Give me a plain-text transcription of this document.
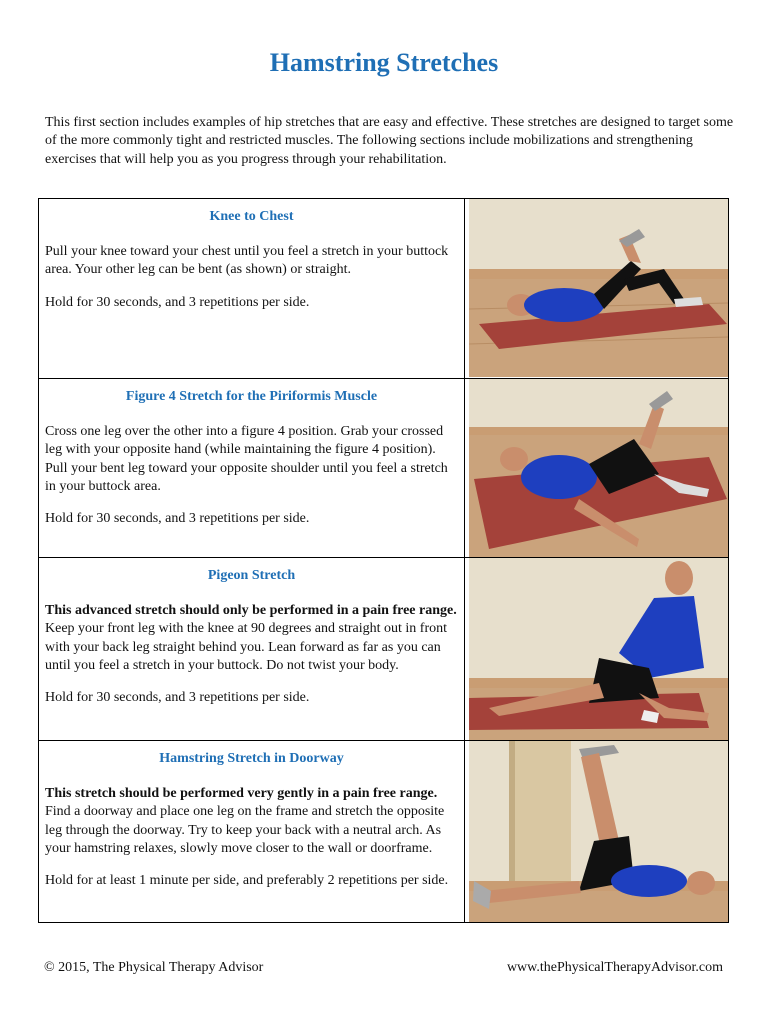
Hamstring Stretches
This first section includes examples of hip stretches that are easy and effective. These stretches are designed to target some of the more commonly tight and restricted muscles. The following sections include mobilizations and strengthening exercises that will help you as you progress through your rehabilitation.
Knee to Chest

Pull your knee toward your chest until you feel a stretch in your buttock area. Your other leg can be bent (as shown) or straight.

Hold for 30 seconds, and 3 repetitions per side.

Figure 4 Stretch for the Piriformis Muscle

Cross one leg over the other into a figure 4 position. Grab your crossed leg with your opposite hand (while maintaining the figure 4 position). Pull your bent leg toward your opposite shoulder until you feel a stretch in your buttock area.

Hold for 30 seconds, and 3 repetitions per side.

Pigeon Stretch

This advanced stretch should only be performed in a pain free range.

Keep your front leg with the knee at 90 degrees and straight out in front with your back leg straight behind you. Lean forward as far as you can until you feel a stretch in your buttock. Do not twist your body.

Hold for 30 seconds, and 3 repetitions per side.

Hamstring Stretch in Doorway

This stretch should be performed very gently in a pain free range.

Find a doorway and place one leg on the frame and stretch the opposite leg through the doorway. Try to keep your back with a neutral arch. As your hamstring relaxes, slowly move closer to the wall or doorframe.

Hold for at least 1 minute per side, and preferably 2 repetitions per side.

© 2015, The Physical Therapy Advisor	www.thePhysicalTherapyAdvisor.com
